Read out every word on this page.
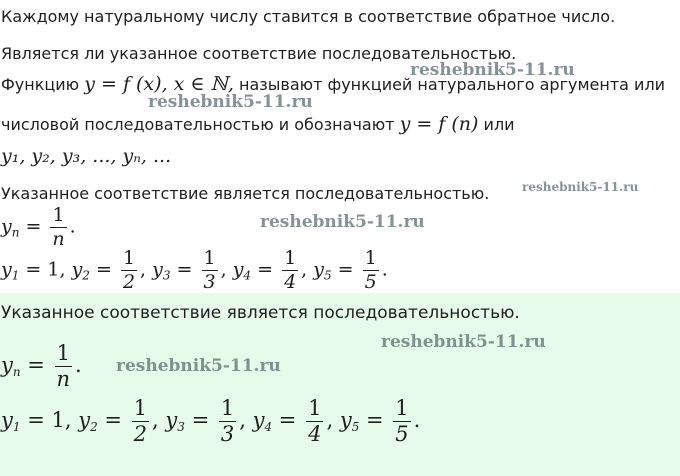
Каждому натуральному числу ставится в соответствие обратное число.
Является ли указанное соответствие последовательностью.
Функцию y = f (x), x ∈ ℕ, называют функцией натурального аргумента или
числовой последовательностью и обозначают y = f (n) или
y₁, y₂, y₃, ..., yₙ, ...
Указанное соответствие является последовательностью.
$y_n = \frac{1}{n}$ .
$y_1 = 1$, $y_2 = \frac{1}{2}$ , $y_3 = \frac{1}{3}$ , $y_4 = \frac{1}{4}$ , $y_5 = \frac{1}{5}$ .
Указанное соответствие является последовательностью.
$y_n = \frac{1}{n}$ .
$y_1 = 1$, $y_2 = \frac{1}{2}$ , $y_3 = \frac{1}{3}$ , $y_4 = \frac{1}{4}$ , $y_5 = \frac{1}{5}$ .
reshebnik5-11.ru
reshebnik5-11.ru
reshebnik5-11.ru
reshebnik5-11.ru
reshebnik5-11.ru
reshebnik5-11.ru
